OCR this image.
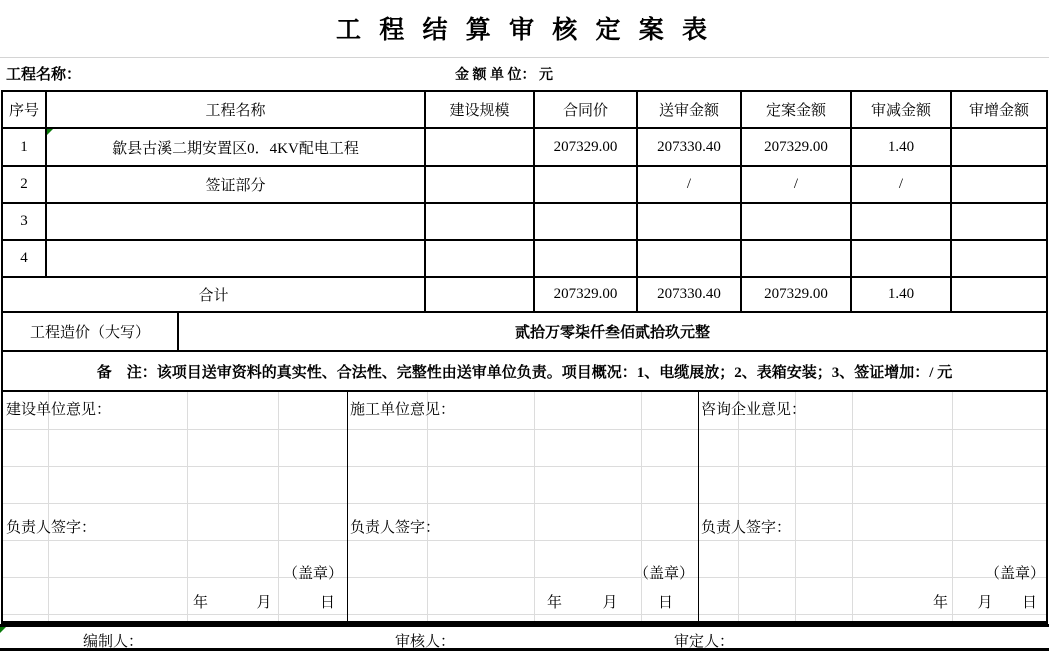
工 程 结 算 审 核 定 案 表
工程名称：	金 额 单 位： 元
序号	工程名称		建设规模	合同价	送审金额	定案金额	审减金额	审增金额
1	歙县古溪二期安置区0．4KV配电工程			207329.00	207330.40	207329.00	1.40	
2	签证部分				/	/	/	
3								
4								
合计				207329.00	207330.40	207329.00	1.40	
工程造价（大写）		贰拾万零柒仟叁佰贰拾玖元整						
备　注：该项目送审资料的真实性、合法性、完整性由送审单位负责。项目概况：1、电缆展放；2、表箱安装；3、签证增加：/ 元								
建设单位意见：
负责人签字：
（盖章）
年	月	日
施工单位意见：
负责人签字：
（盖章）
年	月	日
咨询企业意见：
负责人签字：
（盖章）
年 月 日
编制人：	审核人：	审定人：
